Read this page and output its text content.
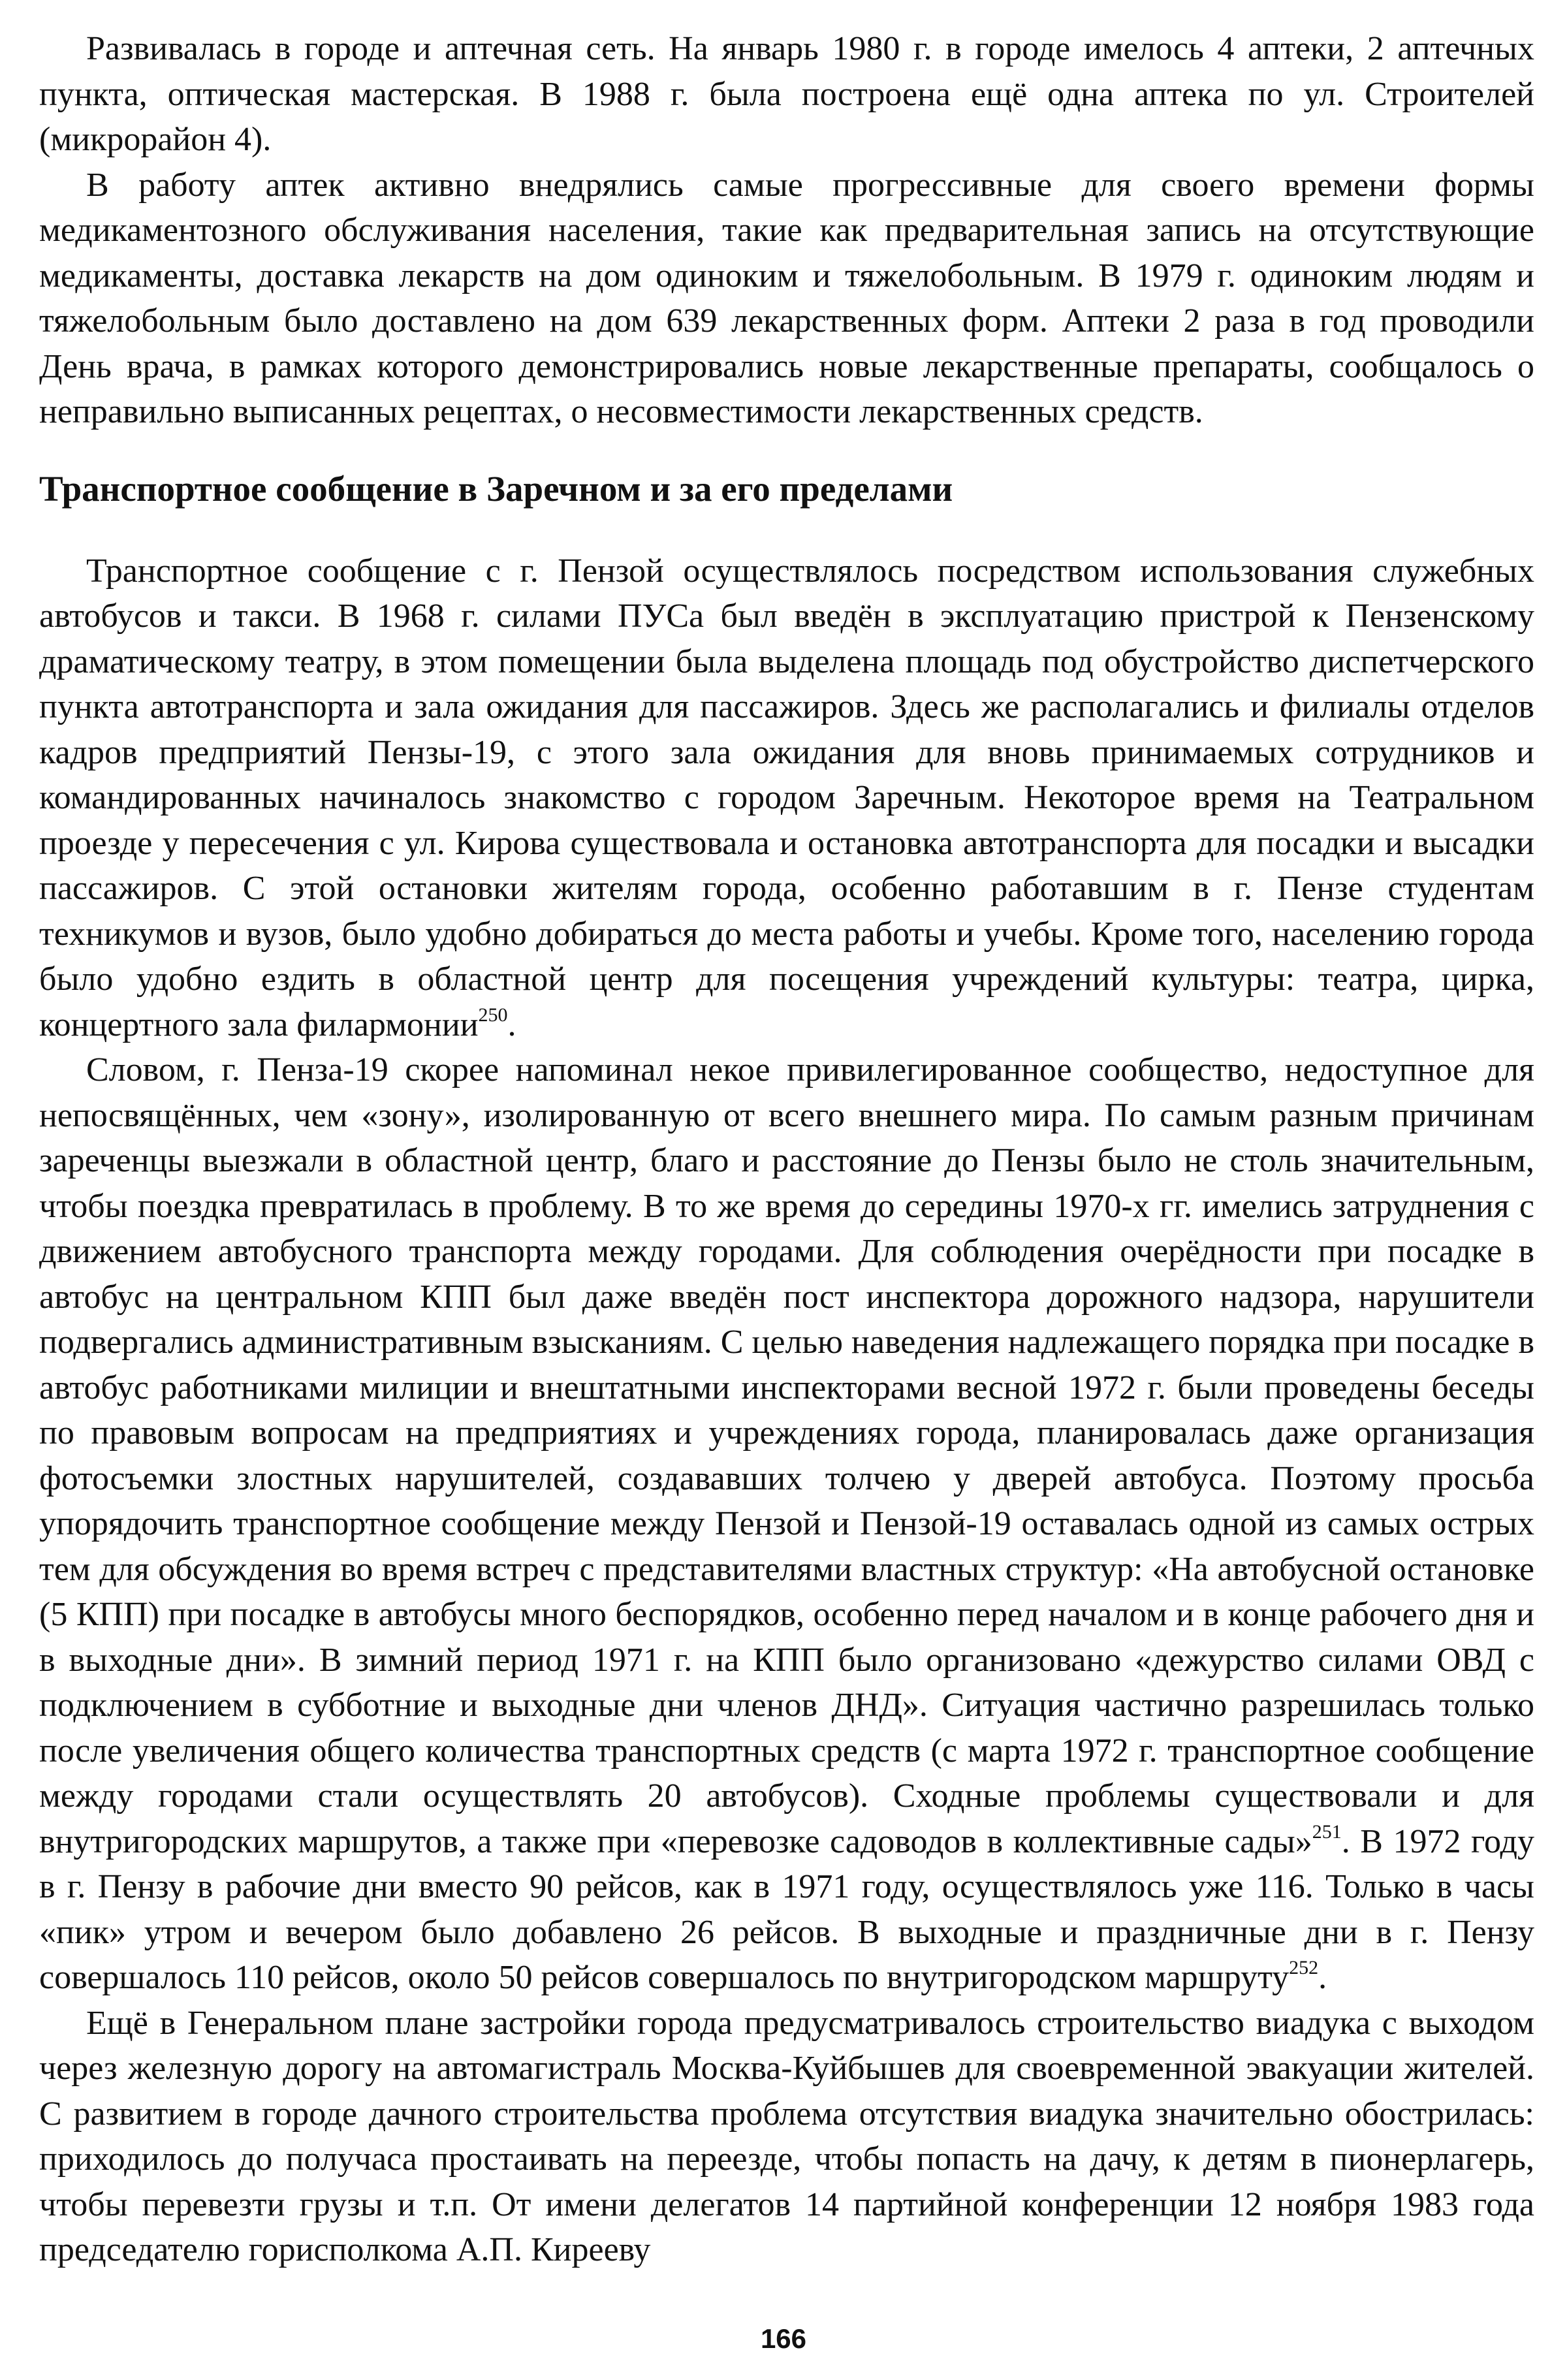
Развивалась в городе и аптечная сеть. На январь 1980 г. в городе имелось 4 аптеки, 2 аптечных пункта, оптическая мастерская. В 1988 г. была построена ещё одна аптека по ул. Строителей (микрорайон 4).

В работу аптек активно внедрялись самые прогрессивные для своего времени формы медикаментозного обслуживания населения, такие как предварительная запись на отсутствующие медикаменты, доставка лекарств на дом одиноким и тяжелобольным. В 1979 г. одиноким людям и тяжелобольным было доставлено на дом 639 лекарственных форм. Аптеки 2 раза в год проводили День врача, в рамках которого демонстрировались новые лекарственные препараты, сообщалось о неправильно выписанных рецептах, о несовместимости лекарственных средств.

Транспортное сообщение в Заречном и за его пределами

Транспортное сообщение с г. Пензой осуществлялось посредством использования служебных автобусов и такси. В 1968 г. силами ПУСа был введён в эксплуатацию пристрой к Пензенскому драматическому театру, в этом помещении была выделена площадь под обустройство диспетчерского пункта автотранспорта и зала ожидания для пассажиров. Здесь же располагались и филиалы отделов кадров предприятий Пензы-19, с этого зала ожидания для вновь принимаемых сотрудников и командированных начиналось знакомство с городом Заречным. Некоторое время на Театральном проезде у пересечения с ул. Кирова существовала и остановка автотранспорта для посадки и высадки пассажиров. С этой остановки жителям города, особенно работавшим в г. Пензе студентам техникумов и вузов, было удобно добираться до места работы и учебы. Кроме того, населению города было удобно ездить в областной центр для посещения учреждений культуры: театра, цирка, концертного зала филармонии$^{250}$.

Словом, г. Пенза-19 скорее напоминал некое привилегированное сообщество, недоступное для непосвящённых, чем «зону», изолированную от всего внешнего мира. По самым разным причинам зареченцы выезжали в областной центр, благо и расстояние до Пензы было не столь значительным, чтобы поездка превратилась в проблему. В то же время до середины 1970-х гг. имелись затруднения с движением автобусного транспорта между городами. Для соблюдения очерёдности при посадке в автобус на центральном КПП был даже введён пост инспектора дорожного надзора, нарушители подвергались административным взысканиям. С целью наведения надлежащего порядка при посадке в автобус работниками милиции и внештатными инспекторами весной 1972 г. были проведены беседы по правовым вопросам на предприятиях и учреждениях города, планировалась даже организация фотосъемки злостных нарушителей, создававших толчею у дверей автобуса. Поэтому просьба упорядочить транспортное сообщение между Пензой и Пензой-19 оставалась одной из самых острых тем для обсуждения во время встреч с представителями властных структур: «На автобусной остановке (5 КПП) при посадке в автобусы много беспорядков, особенно перед началом и в конце рабочего дня и в выходные дни». В зимний период 1971 г. на КПП было организовано «дежурство силами ОВД с подключением в субботние и выходные дни членов ДНД». Ситуация частично разрешилась только после увеличения общего количества транспортных средств (с марта 1972 г. транспортное сообщение между городами стали осуществлять 20 автобусов). Сходные проблемы существовали и для внутригородских маршрутов, а также при «перевозке садоводов в коллективные сады»$^{251}$. В 1972 году в г. Пензу в рабочие дни вместо 90 рейсов, как в 1971 году, осуществлялось уже 116. Только в часы «пик» утром и вечером было добавлено 26 рейсов. В выходные и праздничные дни в г. Пензу совершалось 110 рейсов, около 50 рейсов совершалось по внутригородском маршруту$^{252}$.

Ещё в Генеральном плане застройки города предусматривалось строительство виадука с выходом через железную дорогу на автомагистраль Москва-Куйбышев для своевременной эвакуации жителей. С развитием в городе дачного строительства проблема отсутствия виадука значительно обострилась: приходилось до получаса простаивать на переезде, чтобы попасть на дачу, к детям в пионерлагерь, чтобы перевезти грузы и т.п. От имени делегатов 14 партийной конференции 12 ноября 1983 года председателю горисполкома А.П. Кирееву

166
